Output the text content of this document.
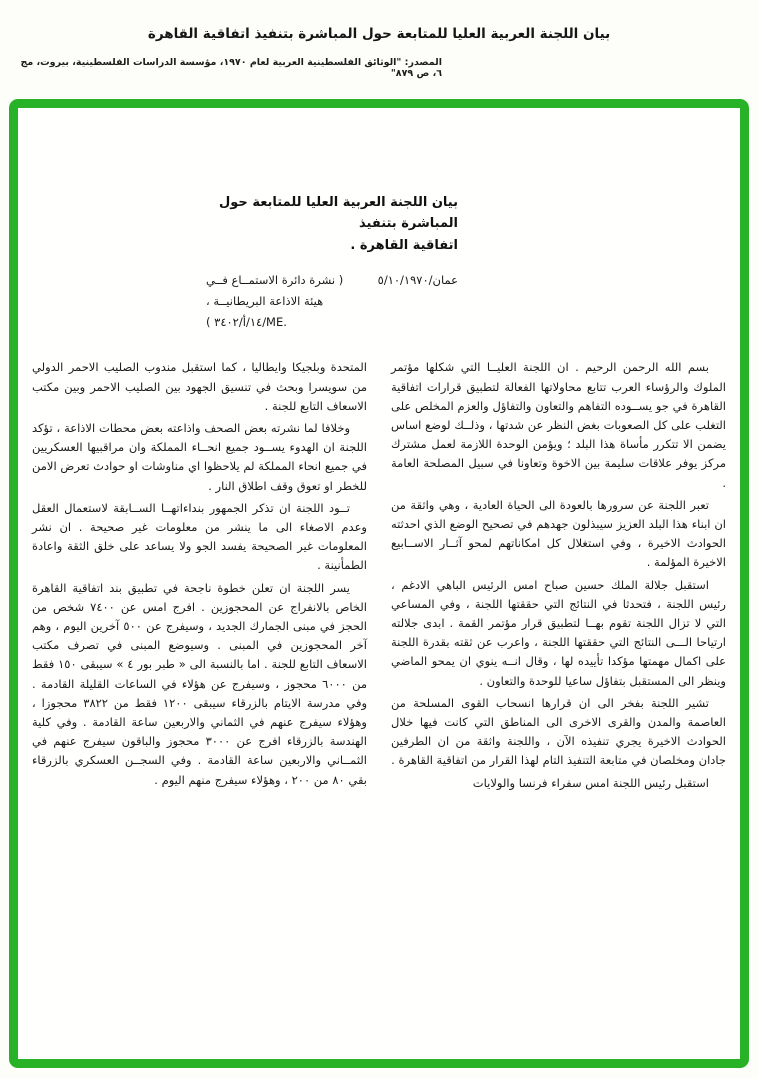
بيان اللجنة العربية العليا للمتابعة حول المباشرة بتنفيذ اتفاقية القاهرة
المصدر: "الوثائق الفلسطينية العربية لعام ١٩٧٠، مؤسسة الدراسات الفلسطينية، بيروت، مج ٦، ص ٨٧٩"
بيان اللجنة العربية العليا للمتابعة حول المباشرة بتنفيذ
اتفاقية القاهرة .
عمان/٥/١٠/١٩٧٠
( نشرة دائرة الاستمــاع فــي
هيئة الاذاعة البريطانيــة ،
( ١٤/أ/٣٤٠٢/ME.

بسم الله الرحمن الرحيم . ان اللجنة العليــا التي شكلها مؤتمر الملوك والرؤساء العرب تتابع محاولاتها الفعالة لتطبيق قرارات اتفاقية القاهرة في جو يســوده التفاهم والتعاون والتفاؤل والعزم المخلص على التغلب على كل الصعوبات بغض النظر عن شدتها ، وذلــك لوضع اساس يضمن الا تتكرر مأساة هذا البلد ؛ ويؤمن الوحدة اللازمة لعمل مشترك مركز يوفر علاقات سليمة بين الاخوة وتعاونا في سبيل المصلحة العامة .

تعبر اللجنة عن سرورها بالعودة الى الحياة العادية ، وهي واثقة من ان ابناء هذا البلد العزيز سيبذلون جهدهم في تصحيح الوضع الذي احدثته الحوادث الاخيرة ، وفي استغلال كل امكاناتهم لمحو آثــار الاســابيع الاخيرة المؤلمة .

استقبل جلالة الملك حسين صباح امس الرئيس الباهي الادغم ، رئيس اللجنة ، فتحدثا في النتائج التي حققتها اللجنة ، وفي المساعي التي لا تزال اللجنة تقوم بهــا لتطبيق قرار مؤتمر القمة . ابدى جلالته ارتياحا الـــى النتائج التي حققتها اللجنة ، واعرب عن ثقته بقدرة اللجنة على اكمال مهمتها مؤكدا تأييده لها ، وقال انــه ينوي ان يمحو الماضي وينظر الى المستقبل بتفاؤل ساعيا للوحدة والتعاون .

تشير اللجنة بفخر الى ان قرارها انسحاب القوى المسلحة من العاصمة والمدن والقرى الاخرى الى المناطق التي كانت فيها خلال الحوادث الاخيرة يجري تنفيذه الآن ، واللجنة واثقة من ان الطرفين جادان ومخلصان في متابعة التنفيذ التام لهذا القرار من اتفاقية القاهرة .

استقبل رئيس اللجنة امس سفراء فرنسا والولايات

المتحدة وبلجيكا وايطاليا ، كما استقبل مندوب الصليب الاحمر الدولي من سويسرا وبحث في تنسيق الجهود بين الصليب الاحمر وبين مكتب الاسعاف التابع للجنة .

وخلافا لما نشرته بعض الصحف واذاعته بعض محطات الاذاعة ، تؤكد اللجنة ان الهدوء يســود جميع انحــاء المملكة وان مراقبيها العسكريين في جميع انحاء المملكة لم يلاحظوا اي مناوشات او حوادث تعرض الامن للخطر او تعوق وقف اطلاق النار .

تــود اللجنة ان تذكر الجمهور بنداءاتهــا الســابقة لاستعمال العقل وعدم الاصغاء الى ما ينشر من معلومات غير صحيحة . ان نشر المعلومات غير الصحيحة يفسد الجو ولا يساعد على خلق الثقة واعادة الطمأنينة .

يسر اللجنة ان تعلن خطوة ناجحة في تطبيق بند اتفاقية القاهرة الخاص بالانفراج عن المحجوزين . افرج امس عن ٧٤٠٠ شخص من الحجز في مبنى الجمارك الجديد ، وسيفرج عن ٥٠٠ آخرين اليوم ، وهم آخر المحجوزين في المبنى . وسيوضع المبنى في تصرف مكتب الاسعاف التابع للجنة . اما بالنسبة الى « طبر بور ٤ » سيبقى ١٥٠ فقط من ٦٠٠٠ محجوز ، وسيفرج عن هؤلاء في الساعات القليلة القادمة . وفي مدرسة الايتام بالزرقاء سيبقى ١٢٠٠ فقط من ٣٨٢٢ محجوزا ، وهؤلاء سيفرج عنهم في الثماني والاربعين ساعة القادمة . وفي كلية الهندسة بالزرقاء افرج عن ٣٠٠٠ محجوز والباقون سيفرج عنهم في الثمــاني والاربعين ساعة القادمة . وفي السجــن العسكري بالزرقاء بقي ٨٠ من ٢٠٠ ، وهؤلاء سيفرج منهم اليوم .
